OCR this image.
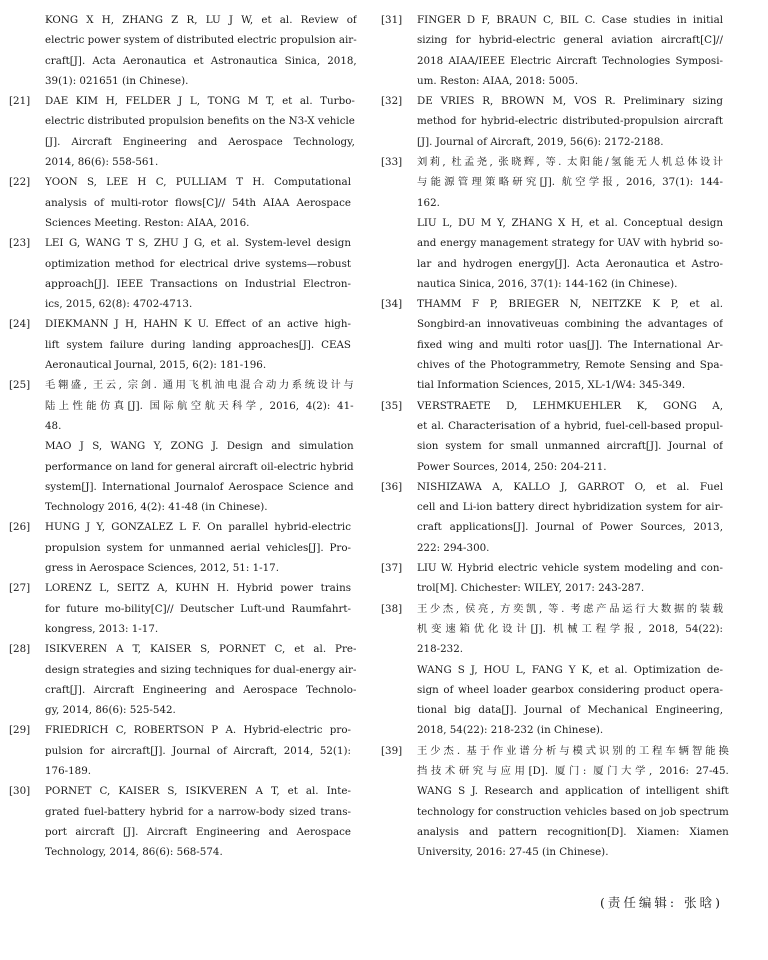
KONG X H, ZHANG Z R, LU J W, et al. Review of
electric power system of distributed electric propulsion air-
craft[J]. Acta Aeronautica et Astronautica Sinica, 2018,
39(1): 021651 (in Chinese).
[21]	DAE KIM H, FELDER J L, TONG M T, et al. Turbo-
electric distributed propulsion benefits on the N3-X vehicle
[J]. Aircraft Engineering and Aerospace Technology,
2014, 86(6): 558-561.
[22]	YOON S, LEE H C, PULLIAM T H. Computational
analysis of multi-rotor flows[C]// 54th AIAA Aerospace
Sciences Meeting. Reston: AIAA, 2016.
[23]	LEI G, WANG T S, ZHU J G, et al. System-level design
optimization method for electrical drive systems—robust
approach[J]. IEEE Transactions on Industrial Electron-
ics, 2015, 62(8): 4702-4713.
[24]	DIEKMANN J H, HAHN K U. Effect of an active high-
lift system failure during landing approaches[J]. CEAS
Aeronautical Journal, 2015, 6(2): 181-196.
[25]	毛翱盛, 王云, 宗剑. 通用飞机油电混合动力系统设计与
陆上性能仿真[J]. 国际航空航天科学, 2016, 4(2): 41-
48.
MAO J S, WANG Y, ZONG J. Design and simulation
performance on land for general aircraft oil-electric hybrid
system[J]. International Journalof Aerospace Science and
Technology 2016, 4(2): 41-48 (in Chinese).
[26]	HUNG J Y, GONZALEZ L F. On parallel hybrid-electric
propulsion system for unmanned aerial vehicles[J]. Pro-
gress in Aerospace Sciences, 2012, 51: 1-17.
[27]	LORENZ L, SEITZ A, KUHN H. Hybrid power trains
for future mo-bility[C]// Deutscher Luft-und Raumfahrt-
kongress, 2013: 1-17.
[28]	ISIKVEREN A T, KAISER S, PORNET C, et al. Pre-
design strategies and sizing techniques for dual-energy air-
craft[J]. Aircraft Engineering and Aerospace Technolo-
gy, 2014, 86(6): 525-542.
[29]	FRIEDRICH C, ROBERTSON P A. Hybrid-electric pro-
pulsion for aircraft[J]. Journal of Aircraft, 2014, 52(1):
176-189.
[30]	PORNET C, KAISER S, ISIKVEREN A T, et al. Inte-
grated fuel-battery hybrid for a narrow-body sized trans-
port aircraft [J]. Aircraft Engineering and Aerospace
Technology, 2014, 86(6): 568-574.
[31]	FINGER D F, BRAUN C, BIL C. Case studies in initial
sizing for hybrid-electric general aviation aircraft[C]//
2018 AIAA/IEEE Electric Aircraft Technologies Symposi-
um. Reston: AIAA, 2018: 5005.
[32]	DE VRIES R, BROWN M, VOS R. Preliminary sizing
method for hybrid-electric distributed-propulsion aircraft
[J]. Journal of Aircraft, 2019, 56(6): 2172-2188.
[33]	刘莉, 杜孟尧, 张晓辉, 等. 太阳能/氢能无人机总体设计
与能源管理策略研究[J]. 航空学报, 2016, 37(1): 144-
162.
LIU L, DU M Y, ZHANG X H, et al. Conceptual design
and energy management strategy for UAV with hybrid so-
lar and hydrogen energy[J]. Acta Aeronautica et Astro-
nautica Sinica, 2016, 37(1): 144-162 (in Chinese).
[34]	THAMM F P, BRIEGER N, NEITZKE K P, et al.
Songbird-an innovativeuas combining the advantages of
fixed wing and multi rotor uas[J]. The International Ar-
chives of the Photogrammetry, Remote Sensing and Spa-
tial Information Sciences, 2015, XL-1/W4: 345-349.
[35]	VERSTRAETE D, LEHMKUEHLER K, GONG A,
et al. Characterisation of a hybrid, fuel-cell-based propul-
sion system for small unmanned aircraft[J]. Journal of
Power Sources, 2014, 250: 204-211.
[36]	NISHIZAWA A, KALLO J, GARROT O, et al. Fuel
cell and Li-ion battery direct hybridization system for air-
craft applications[J]. Journal of Power Sources, 2013,
222: 294-300.
[37]	LIU W. Hybrid electric vehicle system modeling and con-
trol[M]. Chichester: WILEY, 2017: 243-287.
[38]	王少杰, 侯亮, 方奕凯, 等. 考虑产品运行大数据的装载
机变速箱优化设计[J]. 机械工程学报, 2018, 54(22):
218-232.
WANG S J, HOU L, FANG Y K, et al. Optimization de-
sign of wheel loader gearbox considering product opera-
tional big data[J]. Journal of Mechanical Engineering,
2018, 54(22): 218-232 (in Chinese).
[39]	王少杰. 基于作业谱分析与模式识别的工程车辆智能换
挡技术研究与应用[D]. 厦门: 厦门大学, 2016: 27-45.
WANG S J. Research and application of intelligent shift
technology for construction vehicles based on job spectrum
analysis and pattern recognition[D]. Xiamen: Xiamen
University, 2016: 27-45 (in Chinese).
(责任编辑: 张晗)
